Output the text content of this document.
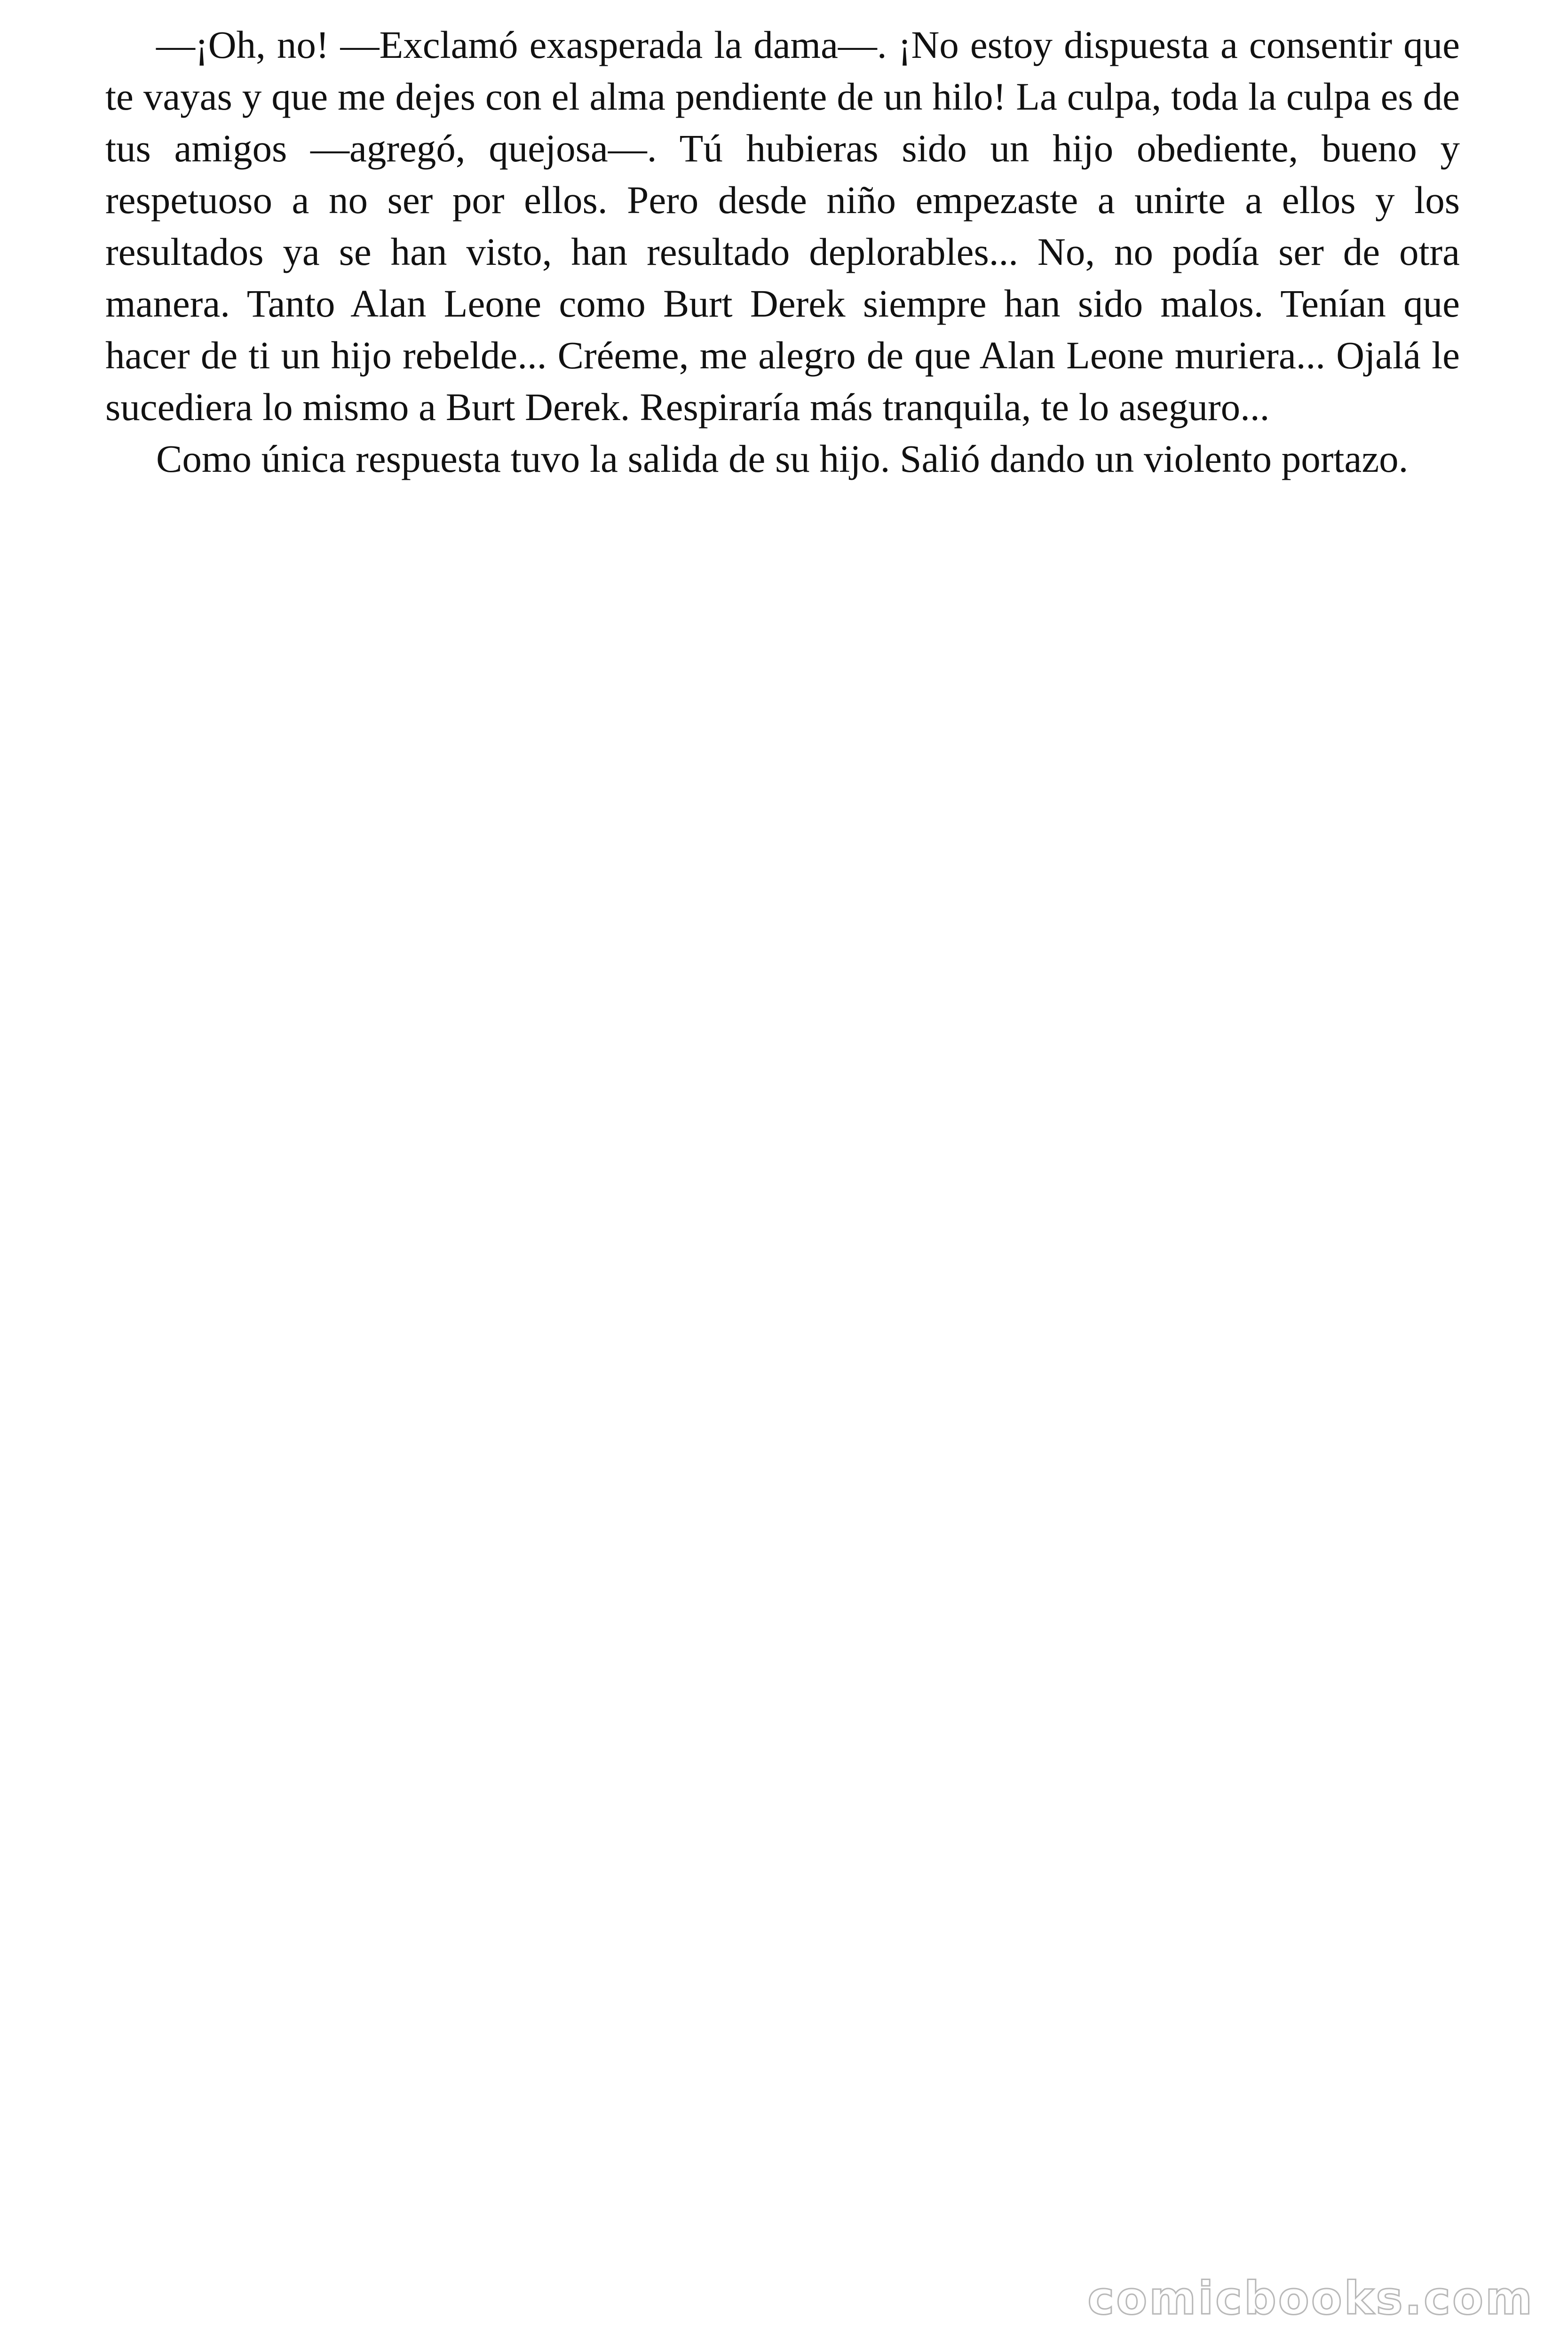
—¡Oh, no! —Exclamó exasperada la dama—. ¡No estoy dispuesta a consentir que te vayas y que me dejes con el alma pendiente de un hilo! La culpa, toda la culpa es de tus amigos —agregó, quejosa—. Tú hubieras sido un hijo obediente, bueno y respetuoso a no ser por ellos. Pero desde niño empezaste a unirte a ellos y los resultados ya se han visto, han resultado deplorables... No, no podía ser de otra manera. Tanto Alan Leone como Burt Derek siempre han sido malos. Tenían que hacer de ti un hijo rebelde... Créeme, me alegro de que Alan Leone muriera... Ojalá le sucediera lo mismo a Burt Derek. Respiraría más tranquila, te lo aseguro...

Como única respuesta tuvo la salida de su hijo. Salió dando un violento portazo.

comicbooks.com
